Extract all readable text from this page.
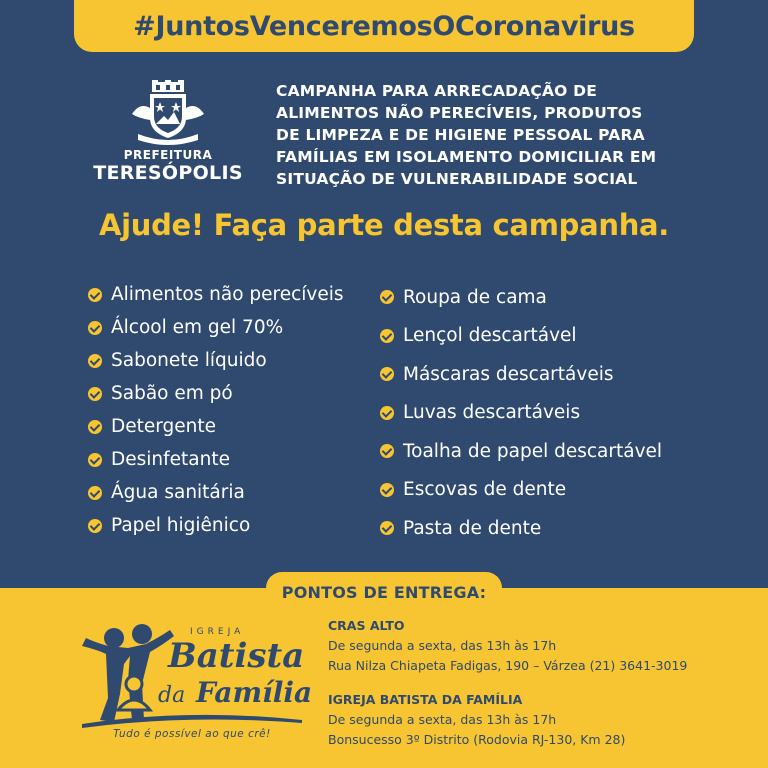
#JuntosVenceremosOCoronavirus
PREFEITURA
TERESÓPOLIS
CAMPANHA PARA ARRECADAÇÃO DE
ALIMENTOS NÃO PERECÍVEIS, PRODUTOS
DE LIMPEZA E DE HIGIENE PESSOAL PARA
FAMÍLIAS EM ISOLAMENTO DOMICILIAR EM
SITUAÇÃO DE VULNERABILIDADE SOCIAL
Ajude! Faça parte desta campanha.
Alimentos não perecíveis
Álcool em gel 70%
Sabonete líquido
Sabão em pó
Detergente
Desinfetante
Água sanitária
Papel higiênico
Roupa de cama
Lençol descartável
Máscaras descartáveis
Luvas descartáveis
Toalha de papel descartável
Escovas de dente
Pasta de dente
PONTOS DE ENTREGA:
IGREJA
Batista
da Família
Tudo é possível ao que crê!
CRAS ALTO
De segunda a sexta, das 13h às 17h
Rua Nilza Chiapeta Fadigas, 190 – Várzea (21) 3641-3019
IGREJA BATISTA DA FAMÍLIA
De segunda a sexta, das 13h às 17h
Bonsucesso 3º Distrito (Rodovia RJ-130, Km 28)
